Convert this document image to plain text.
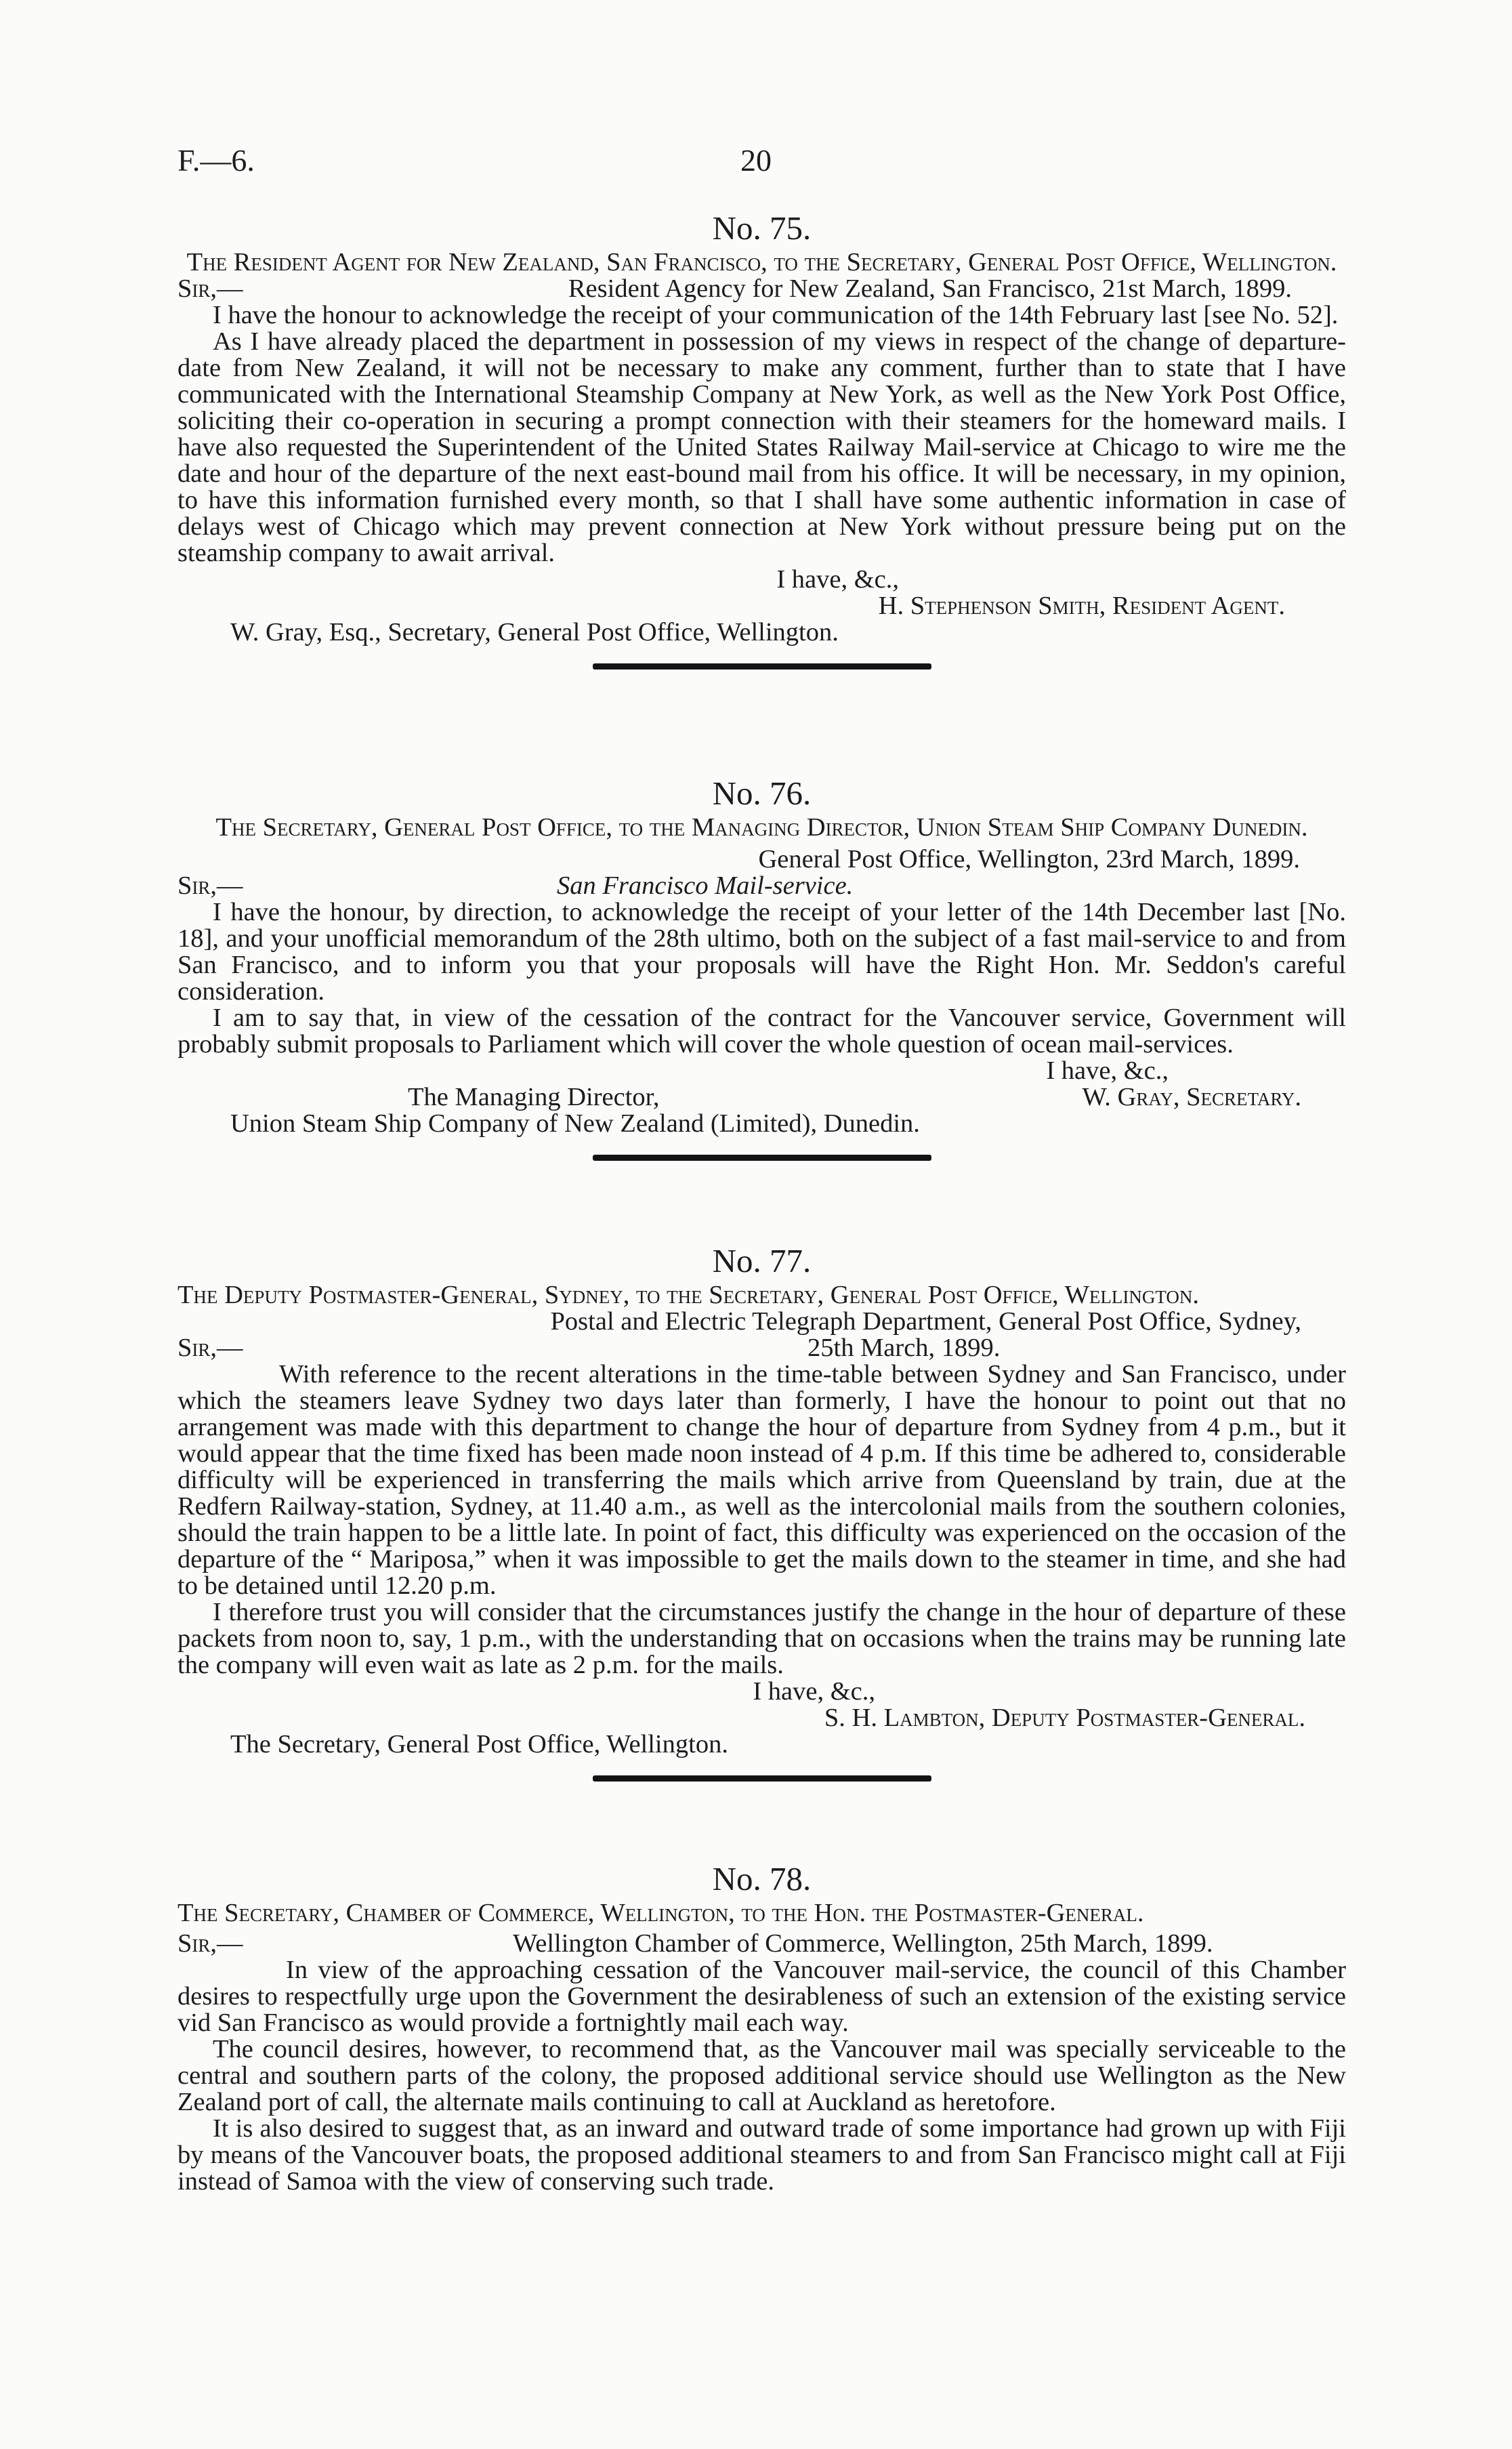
F.—6.	20

No. 75.

The Resident Agent for New Zealand, San Francisco, to the Secretary, General Post Office, Wellington.

Sir,—	Resident Agency for New Zealand, San Francisco, 21st March, 1899.

I have the honour to acknowledge the receipt of your communication of the 14th February last [see No. 52].

As I have already placed the department in possession of my views in respect of the change of departure-date from New Zealand, it will not be necessary to make any comment, further than to state that I have communicated with the International Steamship Company at New York, as well as the New York Post Office, soliciting their co-operation in securing a prompt connection with their steamers for the homeward mails. I have also requested the Superintendent of the United States Railway Mail-service at Chicago to wire me the date and hour of the departure of the next east-bound mail from his office. It will be necessary, in my opinion, to have this information furnished every month, so that I shall have some authentic information in case of delays west of Chicago which may prevent connection at New York without pressure being put on the steamship company to await arrival.

I have, &c.,

H. Stephenson Smith, Resident Agent.

W. Gray, Esq., Secretary, General Post Office, Wellington.

No. 76.

The Secretary, General Post Office, to the Managing Director, Union Steam Ship Company Dunedin.

General Post Office, Wellington, 23rd March, 1899.

Sir,—	San Francisco Mail-service.

I have the honour, by direction, to acknowledge the receipt of your letter of the 14th December last [No. 18], and your unofficial memorandum of the 28th ultimo, both on the subject of a fast mail-service to and from San Francisco, and to inform you that your proposals will have the Right Hon. Mr. Seddon's careful consideration.

I am to say that, in view of the cessation of the contract for the Vancouver service, Government will probably submit proposals to Parliament which will cover the whole question of ocean mail-services.

I have, &c.,

The Managing Director,	W. Gray, Secretary.

Union Steam Ship Company of New Zealand (Limited), Dunedin.

No. 77.

The Deputy Postmaster-General, Sydney, to the Secretary, General Post Office, Wellington.

Postal and Electric Telegraph Department, General Post Office, Sydney,

Sir,—	25th March, 1899.

With reference to the recent alterations in the time-table between Sydney and San Francisco, under which the steamers leave Sydney two days later than formerly, I have the honour to point out that no arrangement was made with this department to change the hour of departure from Sydney from 4 p.m., but it would appear that the time fixed has been made noon instead of 4 p.m. If this time be adhered to, considerable difficulty will be experienced in transferring the mails which arrive from Queensland by train, due at the Redfern Railway-station, Sydney, at 11.40 a.m., as well as the intercolonial mails from the southern colonies, should the train happen to be a little late. In point of fact, this difficulty was experienced on the occasion of the departure of the “ Mariposa,” when it was impossible to get the mails down to the steamer in time, and she had to be detained until 12.20 p.m.

I therefore trust you will consider that the circumstances justify the change in the hour of departure of these packets from noon to, say, 1 p.m., with the understanding that on occasions when the trains may be running late the company will even wait as late as 2 p.m. for the mails.

I have, &c.,

S. H. Lambton, Deputy Postmaster-General.

The Secretary, General Post Office, Wellington.

No. 78.

The Secretary, Chamber of Commerce, Wellington, to the Hon. the Postmaster-General.

Sir,—	Wellington Chamber of Commerce, Wellington, 25th March, 1899.

In view of the approaching cessation of the Vancouver mail-service, the council of this Chamber desires to respectfully urge upon the Government the desirableness of such an extension of the existing service vid San Francisco as would provide a fortnightly mail each way.

The council desires, however, to recommend that, as the Vancouver mail was specially serviceable to the central and southern parts of the colony, the proposed additional service should use Wellington as the New Zealand port of call, the alternate mails continuing to call at Auckland as heretofore.

It is also desired to suggest that, as an inward and outward trade of some importance had grown up with Fiji by means of the Vancouver boats, the proposed additional steamers to and from San Francisco might call at Fiji instead of Samoa with the view of conserving such trade.
